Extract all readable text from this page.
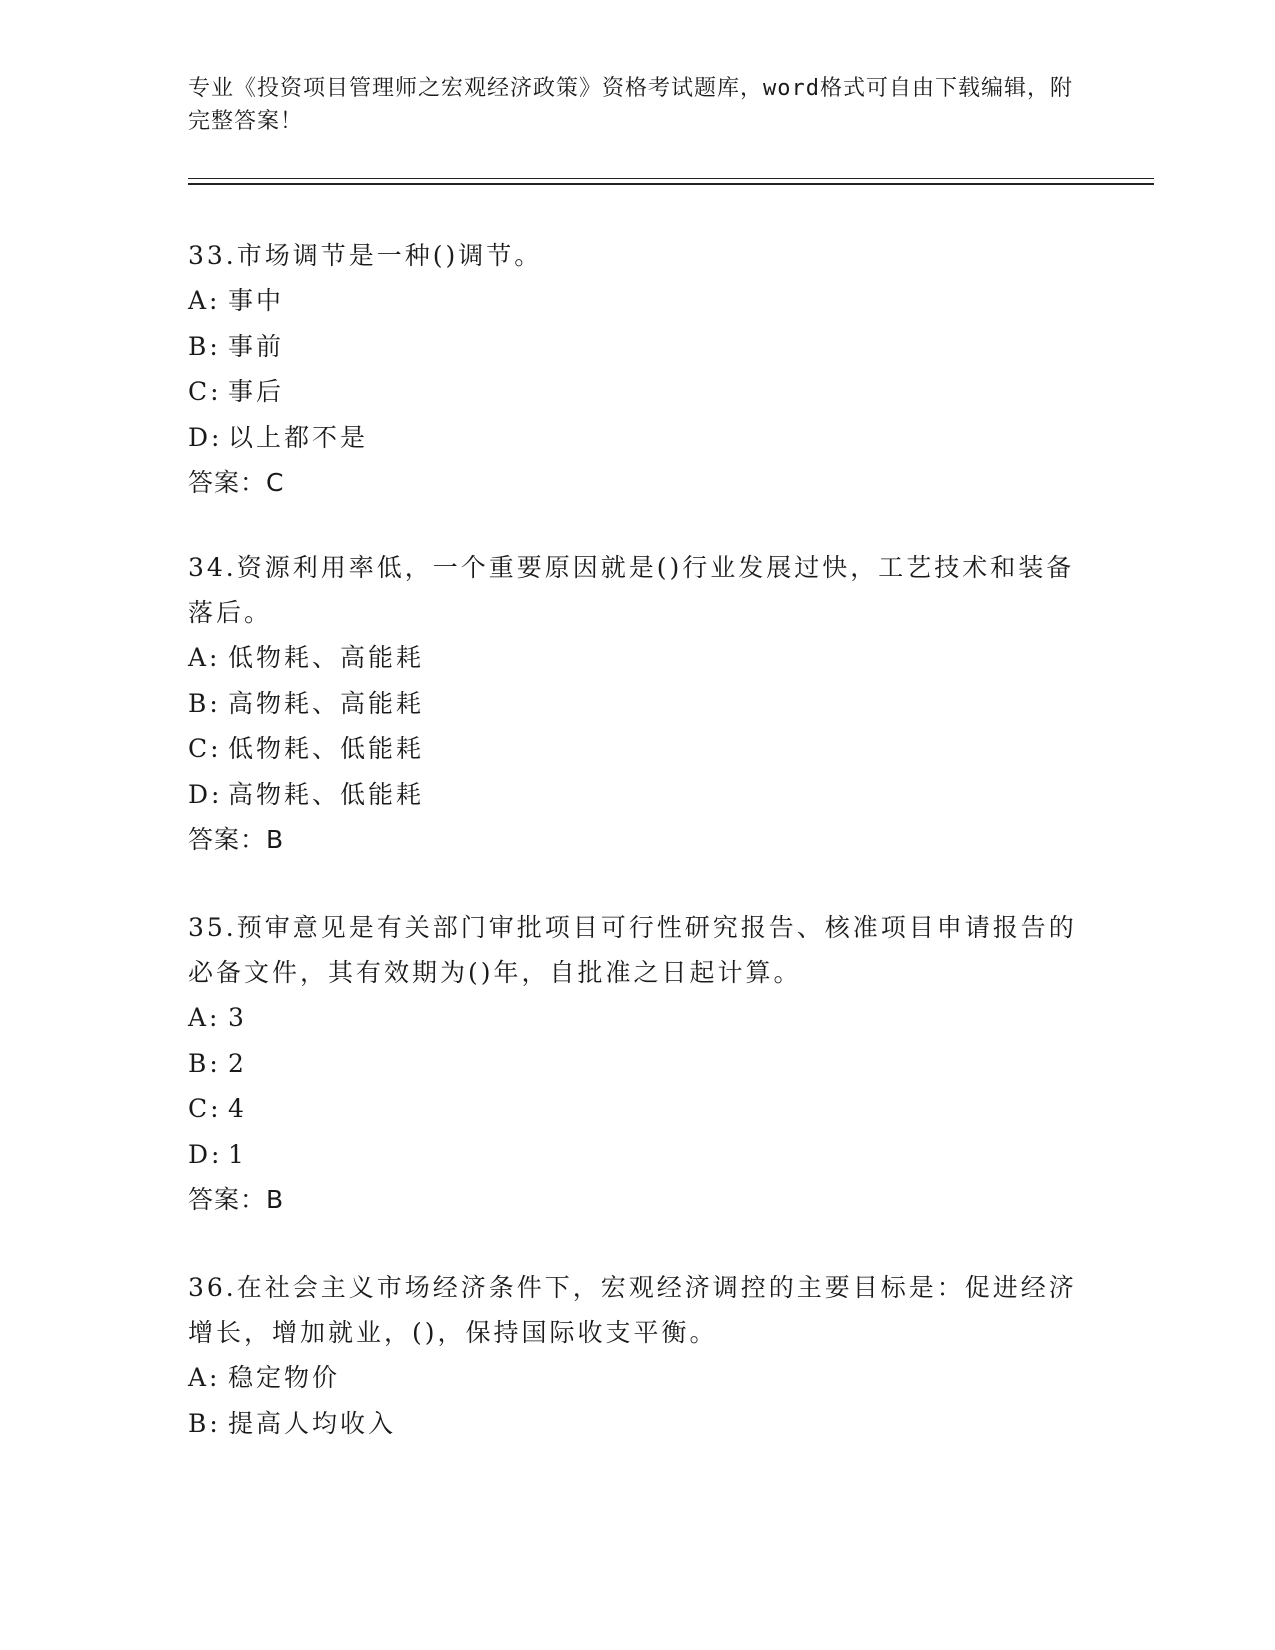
专业《投资项目管理师之宏观经济政策》资格考试题库，word格式可自由下载编辑，附完整答案！

33.市场调节是一种()调节。

A: 事中

B: 事前

C: 事后

D: 以上都不是

答案：C

34.资源利用率低，一个重要原因就是()行业发展过快，工艺技术和装备落后。

A: 低物耗、高能耗

B: 高物耗、高能耗

C: 低物耗、低能耗

D: 高物耗、低能耗

答案：B

35.预审意见是有关部门审批项目可行性研究报告、核准项目申请报告的必备文件，其有效期为()年，自批准之日起计算。

A: 3

B: 2

C: 4

D: 1

答案：B

36.在社会主义市场经济条件下，宏观经济调控的主要目标是：促进经济增长，增加就业，()，保持国际收支平衡。

A: 稳定物价

B: 提高人均收入
